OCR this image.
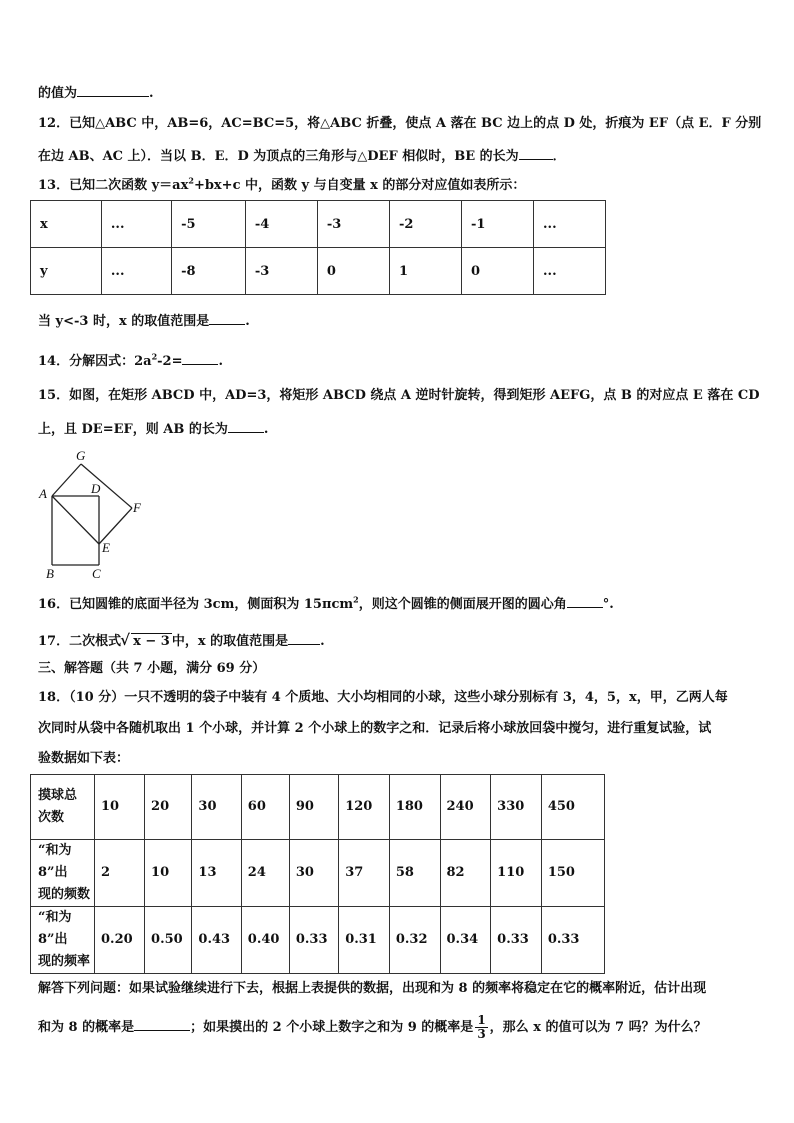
的值为	.
12．已知△ABC 中，AB=6，AC=BC=5，将△ABC 折叠，使点 A 落在 BC 边上的点 D 处，折痕为 EF（点 E．F 分别
在边 AB、AC 上）．当以 B．E．D 为顶点的三角形与△DEF 相似时，BE 的长为	．
13．已知二次函数 $y=ax^2+bx+c$ 中，函数 y 与自变量 x 的部分对应值如表所示：
x	...	-5	-4	-3	-2	-1	...
y	...	-8	-3	0	1	0	...
当 y<-3 时，x 的取值范围是	.
14．分解因式：$2a^2-2=$	.
15．如图，在矩形 ABCD 中，AD=3，将矩形 ABCD 绕点 A 逆时针旋转，得到矩形 AEFG，点 B 的对应点 E 落在 CD
上，且 DE=EF，则 AB 的长为	.
G
A	D
F
E
B	C
16．已知圆锥的底面半径为 3cm，侧面积为 15πcm$^2$，则这个圆锥的侧面展开图的圆心角	°.
17．二次根式 √ x − 3 中，x 的取值范围是 .
三、解答题（共 7 小题，满分 69 分）
18．（10 分）一只不透明的袋子中装有 4 个质地、大小均相同的小球，这些小球分别标有 3，4，5，x，甲，乙两人每
次同时从袋中各随机取出 1 个小球，并计算 2 个小球上的数字之和．记录后将小球放回袋中搅匀，进行重复试验，试
验数据如下表：
摸球总
次数	10	20	30	60	90	120	180	240	330	450

“和为 8”出
现的频数	2	10	13	24	30	37	58	82	110	150

“和为 8”出
现的频率	0.20	0.50	0.43	0.40	0.33	0.31	0.32	0.34	0.33	0.33
解答下列问题：如果试验继续进行下去，根据上表提供的数据，出现和为 8 的频率将稳定在它的概率附近，估计出现
和为 8 的概率是	；如果摸出的 2 个小球上数字之和为 9 的概率是 $\frac{1}{3}$ ，那么 x 的值可以为 7 吗？为什么？
